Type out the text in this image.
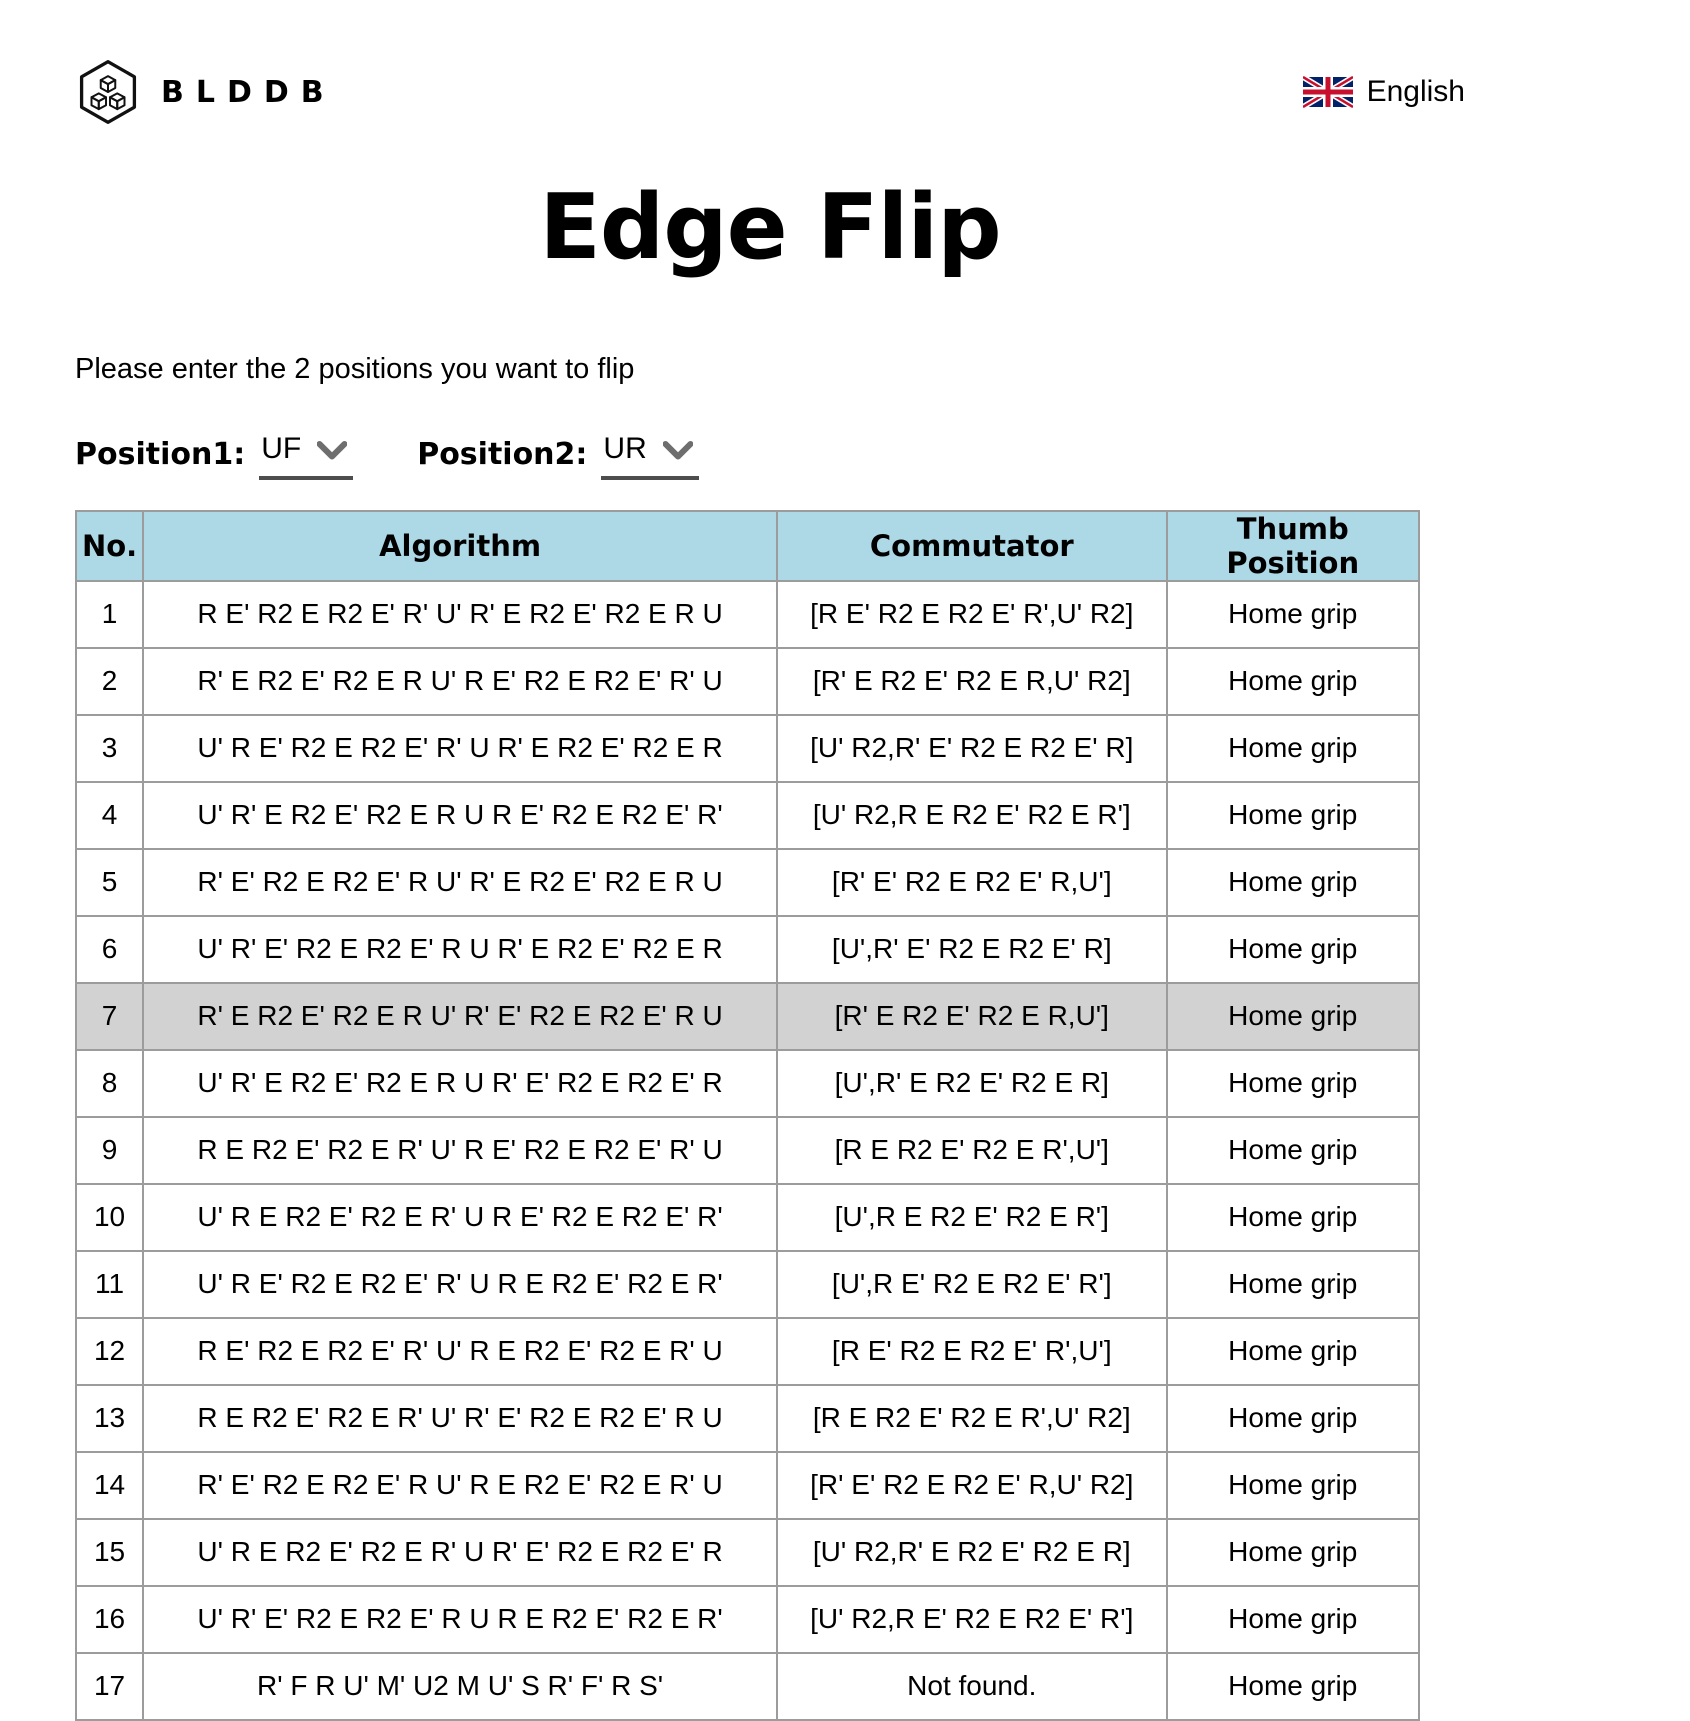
BLDDB	English
Edge Flip

Please enter the 2 positions you want to flip

Position1: UF	Position2: UR
No.	Algorithm	Commutator	Thumb Position
1	R E' R2 E R2 E' R' U' R' E R2 E' R2 E R U	[R E' R2 E R2 E' R',U' R2]	Home grip
2	R' E R2 E' R2 E R U' R E' R2 E R2 E' R' U	[R' E R2 E' R2 E R,U' R2]	Home grip
3	U' R E' R2 E R2 E' R' U R' E R2 E' R2 E R	[U' R2,R' E' R2 E R2 E' R]	Home grip
4	U' R' E R2 E' R2 E R U R E' R2 E R2 E' R'	[U' R2,R E R2 E' R2 E R']	Home grip
5	R' E' R2 E R2 E' R U' R' E R2 E' R2 E R U	[R' E' R2 E R2 E' R,U']	Home grip
6	U' R' E' R2 E R2 E' R U R' E R2 E' R2 E R	[U',R' E' R2 E R2 E' R]	Home grip
7	R' E R2 E' R2 E R U' R' E' R2 E R2 E' R U	[R' E R2 E' R2 E R,U']	Home grip
8	U' R' E R2 E' R2 E R U R' E' R2 E R2 E' R	[U',R' E R2 E' R2 E R]	Home grip
9	R E R2 E' R2 E R' U' R E' R2 E R2 E' R' U	[R E R2 E' R2 E R',U']	Home grip
10	U' R E R2 E' R2 E R' U R E' R2 E R2 E' R'	[U',R E R2 E' R2 E R']	Home grip
11	U' R E' R2 E R2 E' R' U R E R2 E' R2 E R'	[U',R E' R2 E R2 E' R']	Home grip
12	R E' R2 E R2 E' R' U' R E R2 E' R2 E R' U	[R E' R2 E R2 E' R',U']	Home grip
13	R E R2 E' R2 E R' U' R' E' R2 E R2 E' R U	[R E R2 E' R2 E R',U' R2]	Home grip
14	R' E' R2 E R2 E' R U' R E R2 E' R2 E R' U	[R' E' R2 E R2 E' R,U' R2]	Home grip
15	U' R E R2 E' R2 E R' U R' E' R2 E R2 E' R	[U' R2,R' E R2 E' R2 E R]	Home grip
16	U' R' E' R2 E R2 E' R U R E R2 E' R2 E R'	[U' R2,R E' R2 E R2 E' R']	Home grip
17	R' F R U' M' U2 M U' S R' F' R S'	Not found.	Home grip
